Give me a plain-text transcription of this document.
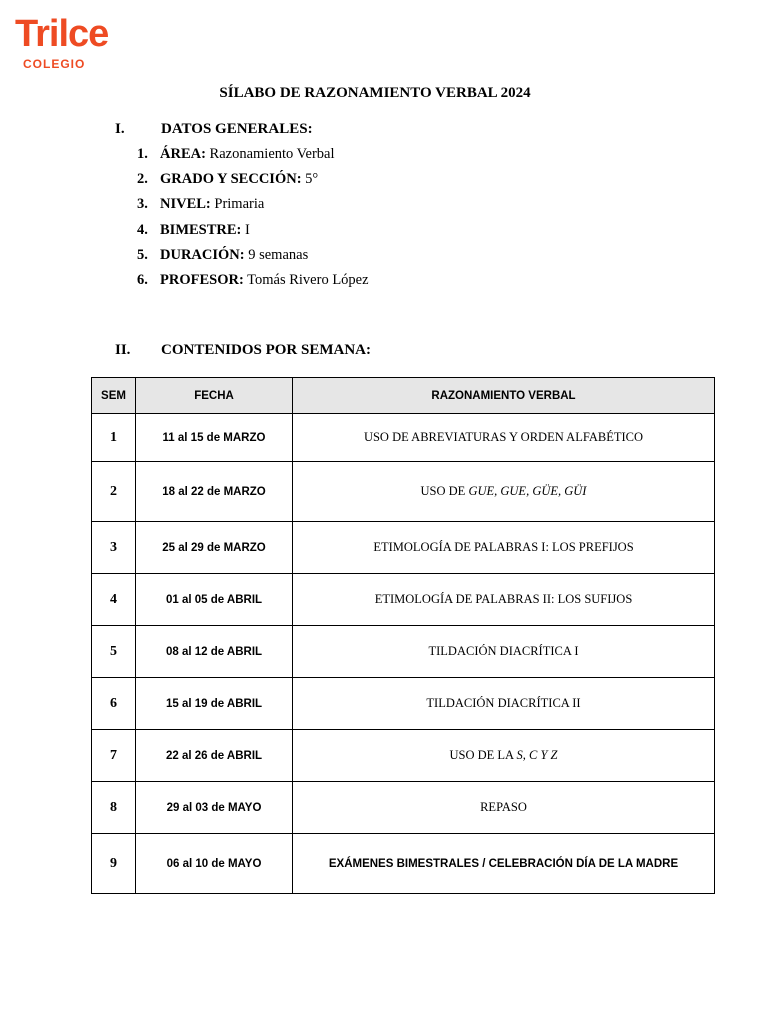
Trilce
COLEGIO
SÍLABO DE RAZONAMIENTO VERBAL 2024
I. DATOS GENERALES:
1. ÁREA: Razonamiento Verbal
2. GRADO Y SECCIÓN: 5°
3. NIVEL: Primaria
4. BIMESTRE: I
5. DURACIÓN: 9 semanas
6. PROFESOR: Tomás Rivero López
II. CONTENIDOS POR SEMANA:
SEM	FECHA	RAZONAMIENTO VERBAL
1	11 al 15 de MARZO	USO DE ABREVIATURAS Y ORDEN ALFABÉTICO
2	18 al 22 de MARZO	USO DE GUE, GUE, GÜE, GÜI
3	25 al 29 de MARZO	ETIMOLOGÍA DE PALABRAS I: LOS PREFIJOS
4	01 al 05 de ABRIL	ETIMOLOGÍA DE PALABRAS II: LOS SUFIJOS
5	08 al 12 de ABRIL	TILDACIÓN DIACRÍTICA I
6	15 al 19 de ABRIL	TILDACIÓN DIACRÍTICA II
7	22 al 26 de ABRIL	USO DE LA S, C Y Z
8	29 al 03 de MAYO	REPASO
9	06 al 10 de MAYO	EXÁMENES BIMESTRALES / CELEBRACIÓN DÍA DE LA MADRE
